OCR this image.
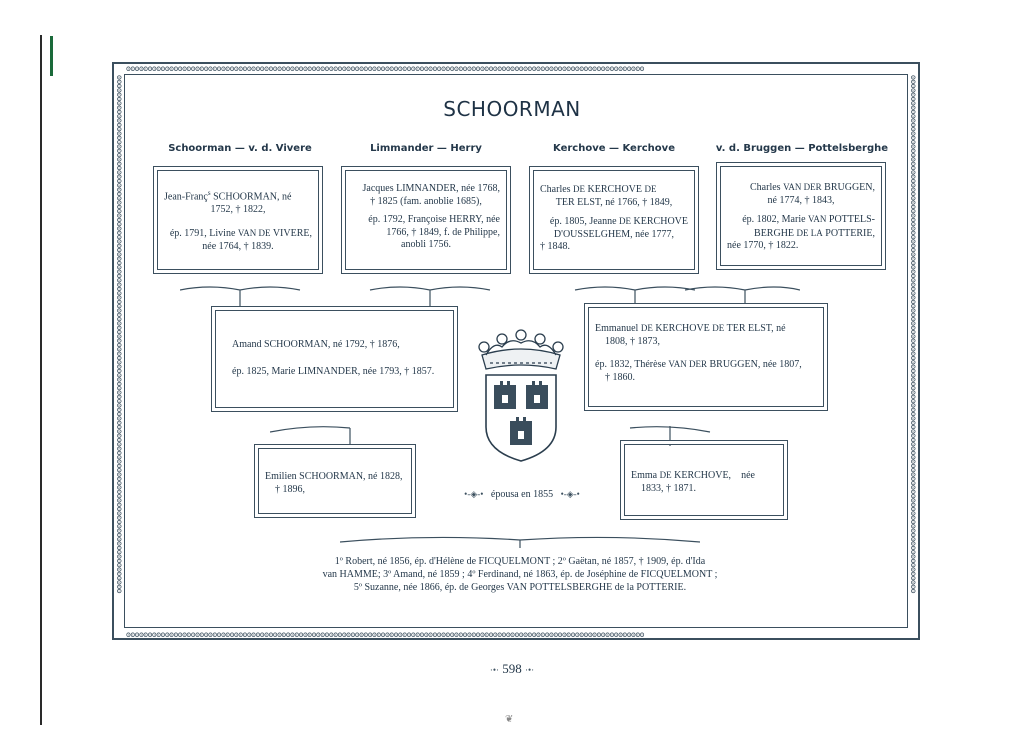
ʘʘʘʘʘʘʘʘʘʘʘʘʘʘʘʘʘʘʘʘʘʘʘʘʘʘʘʘʘʘʘʘʘʘʘʘʘʘʘʘʘʘʘʘʘʘʘʘʘʘʘʘʘʘʘʘʘʘʘʘʘʘʘʘʘʘʘʘʘʘʘʘʘʘʘʘʘʘʘʘʘʘʘʘʘʘʘʘʘʘʘʘʘʘʘʘʘʘʘʘʘʘʘʘʘʘʘʘʘʘʘʘʘʘʘʘʘʘʘʘ
ʘʘʘʘʘʘʘʘʘʘʘʘʘʘʘʘʘʘʘʘʘʘʘʘʘʘʘʘʘʘʘʘʘʘʘʘʘʘʘʘʘʘʘʘʘʘʘʘʘʘʘʘʘʘʘʘʘʘʘʘʘʘʘʘʘʘʘʘʘʘʘʘʘʘʘʘʘʘʘʘʘʘʘʘʘʘʘʘʘʘʘʘʘʘʘʘʘʘʘʘʘʘʘʘʘʘʘʘʘʘʘʘʘʘʘʘʘʘʘʘ
ʘʘʘʘʘʘʘʘʘʘʘʘʘʘʘʘʘʘʘʘʘʘʘʘʘʘʘʘʘʘʘʘʘʘʘʘʘʘʘʘʘʘʘʘʘʘʘʘʘʘʘʘʘʘʘʘʘʘʘʘʘʘʘʘʘʘʘʘʘʘʘʘʘʘʘʘʘʘʘʘʘʘʘʘʘʘʘʘʘʘʘʘʘʘʘʘʘʘʘʘʘʘʘʘʘʘʘʘʘʘʘʘʘʘʘʘʘʘʘʘ	ʘʘʘʘʘʘʘʘʘʘʘʘʘʘʘʘʘʘʘʘʘʘʘʘʘʘʘʘʘʘʘʘʘʘʘʘʘʘʘʘʘʘʘʘʘʘʘʘʘʘʘʘʘʘʘʘʘʘʘʘʘʘʘʘʘʘʘʘʘʘʘʘʘʘʘʘʘʘʘʘʘʘʘʘʘʘʘʘʘʘʘʘʘʘʘʘʘʘʘʘʘʘʘʘʘʘʘʘʘʘʘʘʘʘʘʘʘʘʘʘ
SCHOORMAN
Schoorman — v. d. Vivere	Limmander — Herry	Kerchove — Kerchove	v. d. Bruggen — Pottelsberghe

Jean-Franç$^s$ SCHOORMAN, né

1752, † 1822,

ép. 1791, Livine VAN DE VIVERE,

née 1764, † 1839.

Jacques LIMNANDER, née 1768,

† 1825 (fam. anoblie 1685),

ép. 1792, Françoise HERRY, née

1766, † 1849, f. de Philippe,

anobli 1756.

Charles DE KERCHOVE DE

TER ELST, né 1766, † 1849,

ép. 1805, Jeanne DE KERCHOVE

D'OUSSELGHEM, née 1777,

† 1848.

Charles VAN DER BRUGGEN,

né 1774, † 1843,

ép. 1802, Marie VAN POTTELS-

BERGHE DE LA POTTERIE,

née 1770, † 1822.

Amand SCHOORMAN, né 1792, † 1876,

ép. 1825, Marie LIMNANDER, née 1793, † 1857.

Emmanuel DE KERCHOVE DE TER ELST, né

1808, † 1873,

ép. 1832, Thérèse VAN DER BRUGGEN, née 1807,

† 1860.

Emilien SCHOORMAN, né 1828,

† 1896,

Emma DE KERCHOVE, née

1833, † 1871.

•-◈-• épousa en 1855 •-◈-•

1º Robert, né 1856, ép. d'Hélène de FICQUELMONT ; 2º Gaëtan, né 1857, † 1909, ép. d'Ida

van HAMME; 3º Amand, né 1859 ; 4º Ferdinand, né 1863, ép. de Joséphine de FICQUELMONT ;

5º Suzanne, née 1866, ép. de Georges VAN POTTELSBERGHE de la POTTERIE.

·•· 598 ·•·
❦
